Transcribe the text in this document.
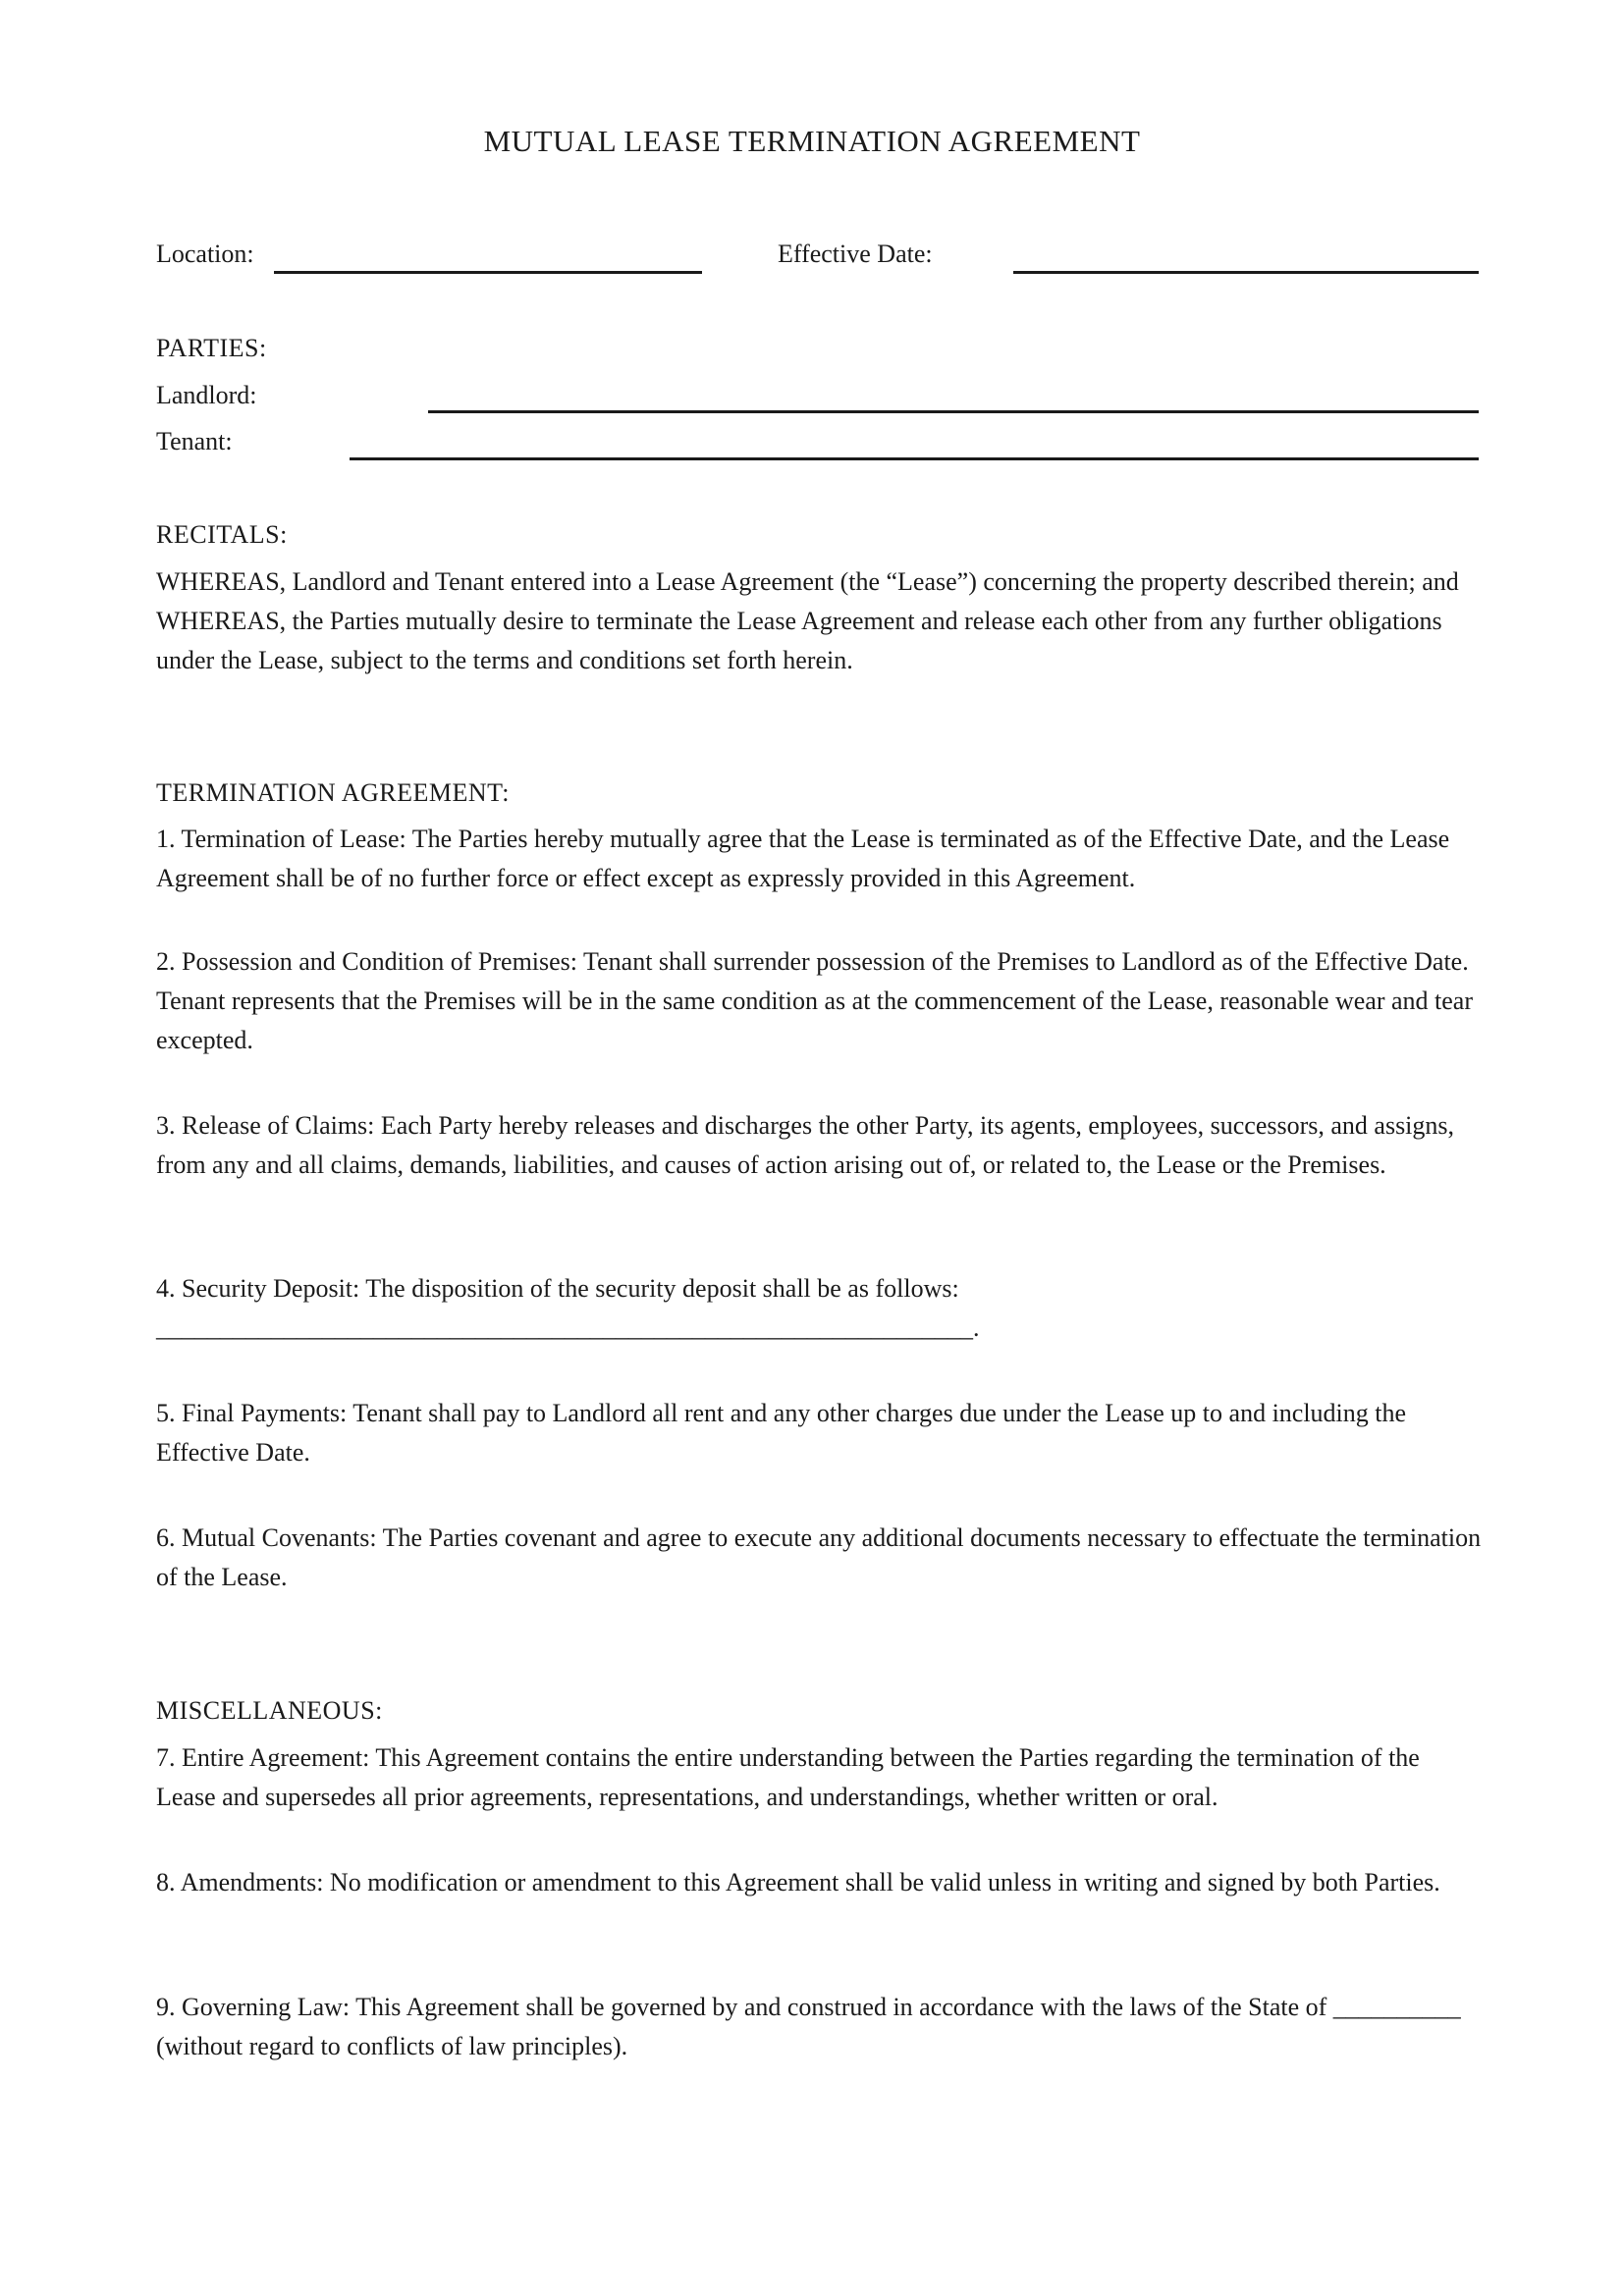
MUTUAL LEASE TERMINATION AGREEMENT
Location:	Effective Date:
PARTIES:
Landlord:
Tenant:
RECITALS:

WHEREAS, Landlord and Tenant entered into a Lease Agreement (the “Lease”) concerning the property described therein; and WHEREAS, the Parties mutually desire to terminate the Lease Agreement and release each other from any further obligations under the Lease, subject to the terms and conditions set forth herein.

TERMINATION AGREEMENT:

1. Termination of Lease: The Parties hereby mutually agree that the Lease is terminated as of the Effective Date, and the Lease Agreement shall be of no further force or effect except as expressly provided in this Agreement.

2. Possession and Condition of Premises: Tenant shall surrender possession of the Premises to Landlord as of the Effective Date. Tenant represents that the Premises will be in the same condition as at the commencement of the Lease, reasonable wear and tear excepted.

3. Release of Claims: Each Party hereby releases and discharges the other Party, its agents, employees, successors, and assigns, from any and all claims, demands, liabilities, and causes of action arising out of, or related to, the Lease or the Premises.

4. Security Deposit: The disposition of the security deposit shall be as follows:
________________________________________________________________.

5. Final Payments: Tenant shall pay to Landlord all rent and any other charges due under the Lease up to and including the Effective Date.

6. Mutual Covenants: The Parties covenant and agree to execute any additional documents necessary to effectuate the termination of the Lease.

MISCELLANEOUS:

7. Entire Agreement: This Agreement contains the entire understanding between the Parties regarding the termination of the Lease and supersedes all prior agreements, representations, and understandings, whether written or oral.

8. Amendments: No modification or amendment to this Agreement shall be valid unless in writing and signed by both Parties.

9. Governing Law: This Agreement shall be governed by and construed in accordance with the laws of the State of __________ (without regard to conflicts of law principles).
